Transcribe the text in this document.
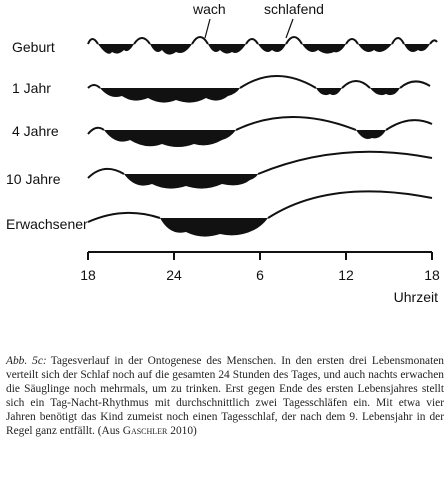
wach	schlafend
Geburt
1 Jahr
4 Jahre
10 Jahre
Erwachsener
18	24	6	12	18
Uhrzeit
Abb. 5c: Tagesverlauf in der Ontogenese des Menschen. In den ersten drei Lebensmonaten verteilt sich der Schlaf noch auf die gesamten 24 Stunden des Tages, und auch nachts erwachen die Säuglinge noch mehrmals, um zu trinken. Erst gegen Ende des ersten Lebensjahres stellt sich ein Tag-Nacht-Rhythmus mit durchschnittlich zwei Tagesschläfen ein. Mit etwa vier Jahren benötigt das Kind zumeist noch einen Tagesschlaf, der nach dem 9. Lebensjahr in der Regel ganz entfällt. (Aus Gaschler 2010)
